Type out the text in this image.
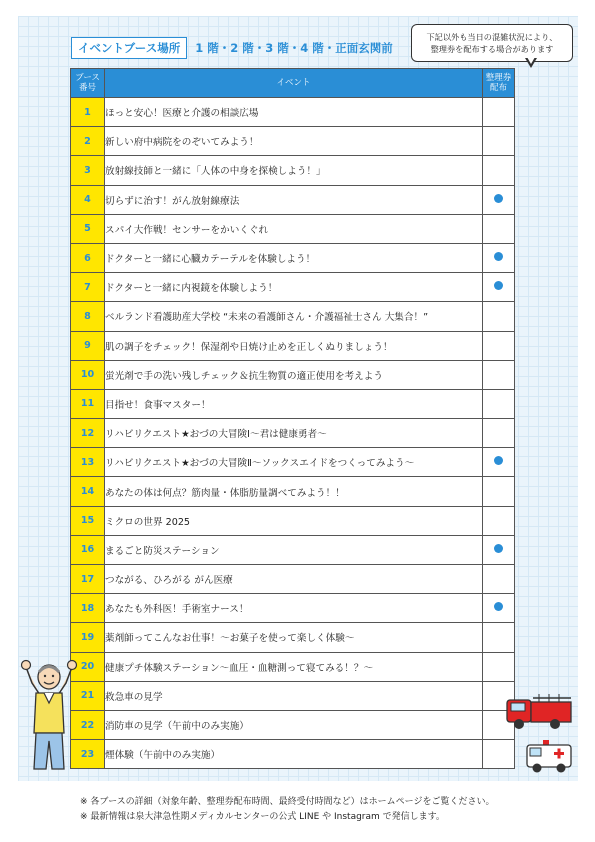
イベントブース場所	1 階・2 階・3 階・4 階・正面玄関前
下記以外も当日の混雑状況により、
整理券を配布する場合があります
ブース
番号	イベント	整理券
配布
1	ほっと安心！医療と介護の相談広場	
2	新しい府中病院をのぞいてみよう！	
3	放射線技師と一緒に「人体の中身を探検しよう！」	
4	切らずに治す！がん放射線療法	
5	スパイ大作戦！センサーをかいくぐれ	
6	ドクターと一緒に心臓カテーテルを体験しよう！	
7	ドクターと一緒に内視鏡を体験しよう！	
8	ベルランド看護助産大学校 “未来の看護師さん・介護福祉士さん 大集合！”	
9	肌の調子をチェック！保湿剤や日焼け止めを正しくぬりましょう！	
10	蛍光剤で手の洗い残しチェック＆抗生物質の適正使用を考えよう	
11	目指せ！食事マスター！	
12	リハビリクエスト★おづの大冒険Ⅰ～君は健康勇者～	
13	リハビリクエスト★おづの大冒険Ⅱ～ソックスエイドをつくってみよう～	
14	あなたの体は何点？筋肉量・体脂肪量調べてみよう！！	
15	ミクロの世界 2025	
16	まるごと防災ステーション	
17	つながる、ひろがる がん医療	
18	あなたも外科医！手術室ナース！	
19	薬剤師ってこんなお仕事！～お菓子を使って楽しく体験～	
20	健康プチ体験ステーション～血圧・血糖測って寝てみる！？～	
21	救急車の見学	
22	消防車の見学（午前中のみ実施）	
23	煙体験（午前中のみ実施）	
※ 各ブースの詳細（対象年齢、整理券配布時間、最終受付時間など）はホームページをご覧ください。
※ 最新情報は泉大津急性期メディカルセンターの公式 LINE や Instagram で発信します。
